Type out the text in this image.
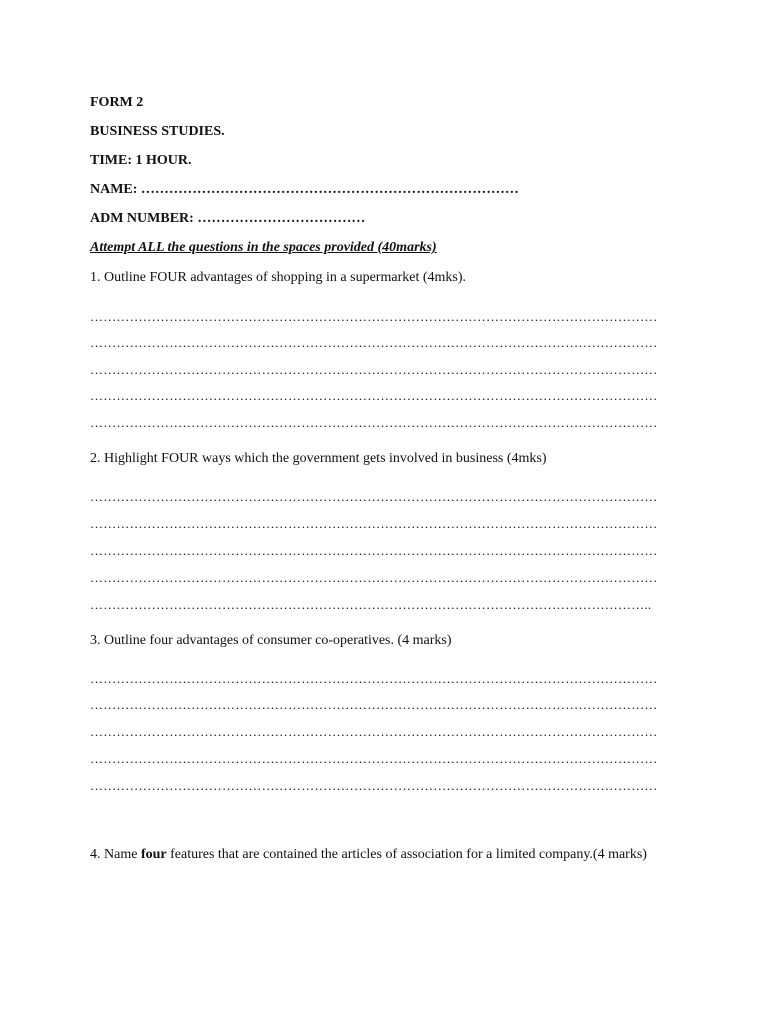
FORM 2
BUSINESS STUDIES.
TIME: 1 HOUR.
NAME: ………………………………………………………………………
ADM NUMBER: ………………………………
Attempt ALL the questions in the spaces provided (40marks)
1. Outline FOUR advantages of shopping in a supermarket (4mks).
…………………………………………………………………………………………………………………
…………………………………………………………………………………………………………………
…………………………………………………………………………………………………………………
…………………………………………………………………………………………………………………
…………………………………………………………………………………………………………………
2. Highlight FOUR ways which the government gets involved in business (4mks)
…………………………………………………………………………………………………………………
…………………………………………………………………………………………………………………
…………………………………………………………………………………………………………………
…………………………………………………………………………………………………………………
………………………………………………………………………………………………………………..
3. Outline four advantages of consumer co-operatives. (4 marks)
…………………………………………………………………………………………………………………
…………………………………………………………………………………………………………………
…………………………………………………………………………………………………………………
…………………………………………………………………………………………………………………
…………………………………………………………………………………………………………………
4. Name four features that are contained the articles of association for a limited company.(4 marks)
